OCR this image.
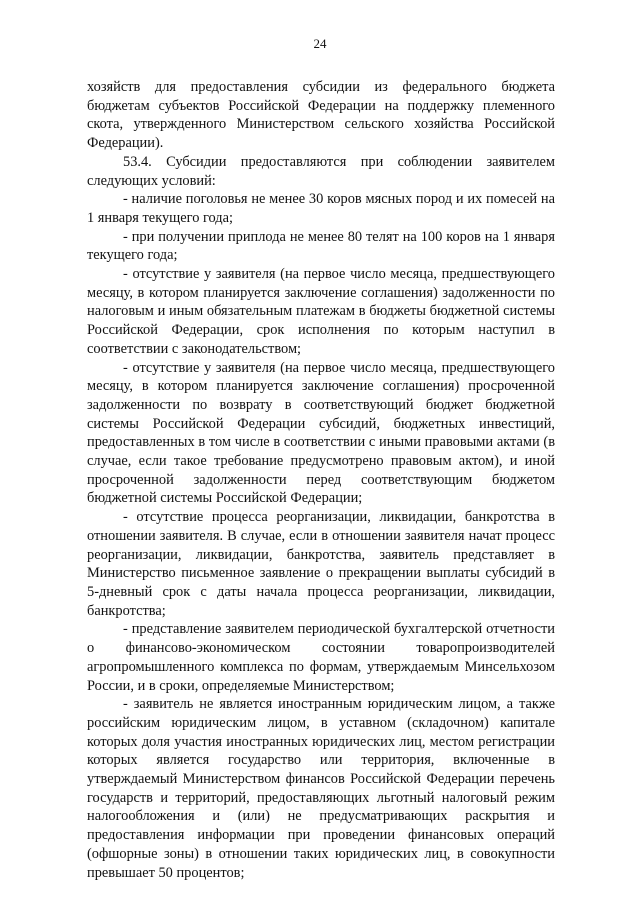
24

хозяйств для предоставления субсидии из федерального бюджета бюджетам субъектов Российской Федерации на поддержку племенного скота, утвержденного Министерством сельского хозяйства Российской Федерации).

53.4. Субсидии предоставляются при соблюдении заявителем следующих условий:

- наличие поголовья не менее 30 коров мясных пород и их помесей на 1 января текущего года;

- при получении приплода не менее 80 телят на 100 коров на 1 января текущего года;

- отсутствие у заявителя (на первое число месяца, предшествующего месяцу, в котором планируется заключение соглашения) задолженности по налоговым и иным обязательным платежам в бюджеты бюджетной системы Российской Федерации, срок исполнения по которым наступил в соответствии с законодательством;

- отсутствие у заявителя (на первое число месяца, предшествующего месяцу, в котором планируется заключение соглашения) просроченной задолженности по возврату в соответствующий бюджет бюджетной системы Российской Федерации субсидий, бюджетных инвестиций, предоставленных в том числе в соответствии с иными правовыми актами (в случае, если такое требование предусмотрено правовым актом), и иной просроченной задолженности перед соответствующим бюджетом бюджетной системы Российской Федерации;

- отсутствие процесса реорганизации, ликвидации, банкротства в отношении заявителя. В случае, если в отношении заявителя начат процесс реорганизации, ликвидации, банкротства, заявитель представляет в Министерство письменное заявление о прекращении выплаты субсидий в 5-дневный срок с даты начала процесса реорганизации, ликвидации, банкротства;

- представление заявителем периодической бухгалтерской отчетности о финансово-экономическом состоянии товаропроизводителей агропромышленного комплекса по формам, утверждаемым Минсельхозом России, и в сроки, определяемые Министерством;

- заявитель не является иностранным юридическим лицом, а также российским юридическим лицом, в уставном (складочном) капитале которых доля участия иностранных юридических лиц, местом регистрации которых является государство или территория, включенные в утверждаемый Министерством финансов Российской Федерации перечень государств и территорий, предоставляющих льготный налоговый режим налогообложения и (или) не предусматривающих раскрытия и предоставления информации при проведении финансовых операций (офшорные зоны) в отношении таких юридических лиц, в совокупности превышает 50 процентов;
